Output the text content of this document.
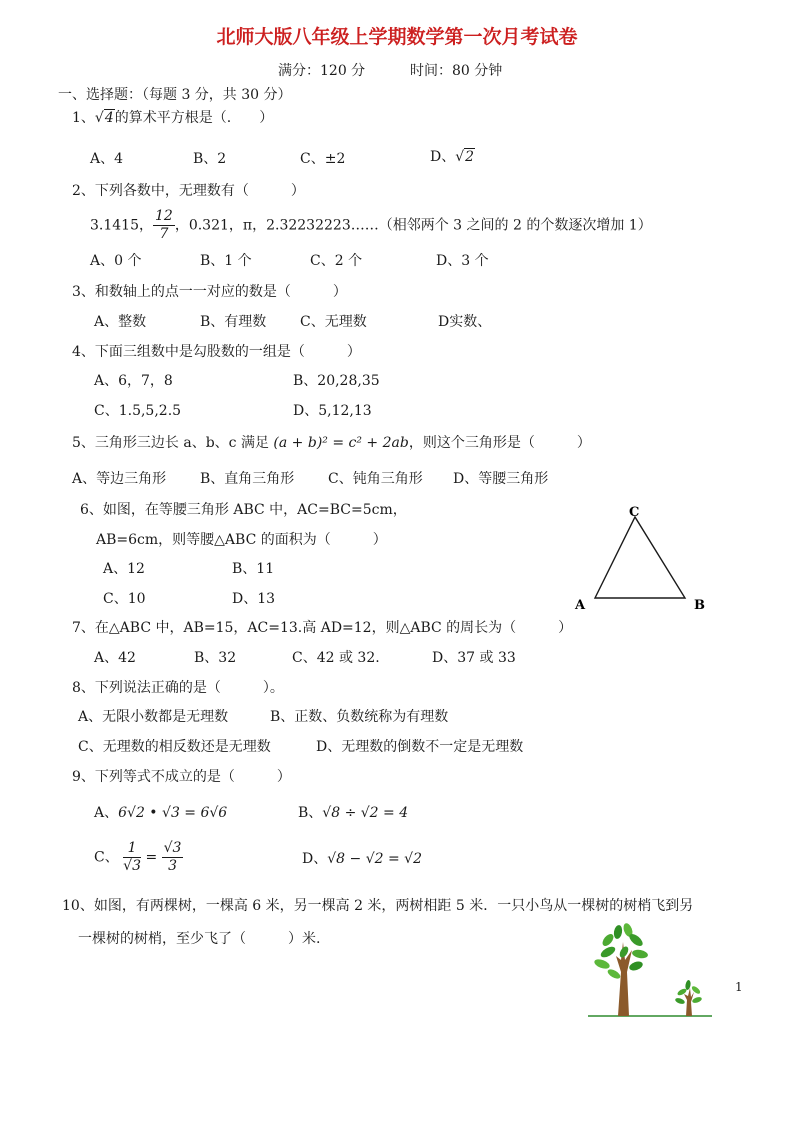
北师大版八年级上学期数学第一次月考试卷
满分：120 分	时间：80 分钟
一、选择题：（每题 3 分，共 30 分）
1、√4的算术平方根是（.　　）
A、4	B、2	C、±2	D、√2
2、下列各数中，无理数有（　　　）
3.1415， $\frac{12}{7}$ ，0.321，π，2.32232223……（相邻两个 3 之间的 2 的个数逐次增加 1）
A、0 个	B、1 个	C、2 个	D、3 个
3、和数轴上的点一一对应的数是（　　　）
A、整数	B、有理数 C、无理数	D实数、
4、下面三组数中是勾股数的一组是（　　　）
A、6，7，8	B、20,28,35
C、1.5,5,2.5	D、5,12,13
5、三角形三边长 a、b、c 满足 (a + b)² = c² + 2ab，则这个三角形是（　　　）
A、等边三角形 B、直角三角形 C、钝角三角形 D、等腰三角形
6、如图，在等腰三角形 ABC 中，AC=BC=5cm，
AB=6cm，则等腰△ABC 的面积为（　　　）
A、12	B、11
C、10	D、13
C
A	B
7、在△ABC 中，AB=15，AC=13.高 AD=12，则△ABC 的周长为（　　　）
A、42	B、32	C、42 或 32.	D、37 或 33
8、下列说法正确的是（　　　）。
A、无限小数都是无理数	B、正数、负数统称为有理数
C、无理数的相反数还是无理数	D、无理数的倒数不一定是无理数
9、下列等式不成立的是（　　　）
A、6√2 • √3 = 6√6	B、√8 ÷ √2 = 4
C、 $\frac{1}{√3} = \frac{√3}{3}$	D、√8 − √2 = √2
10、如图，有两棵树，一棵高 6 米，另一棵高 2 米，两树相距 5 米．一只小鸟从一棵树的树梢飞到另
一棵树的树梢，至少飞了（　　　）米.
1
